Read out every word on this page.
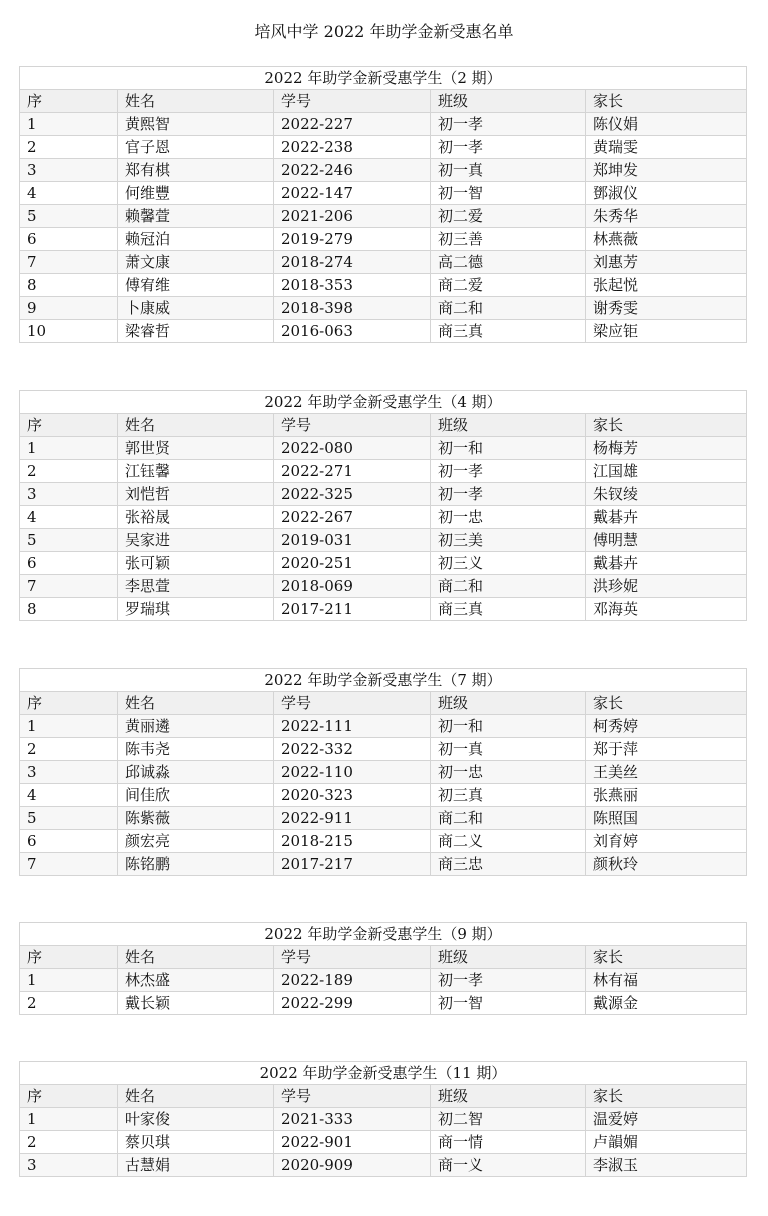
培风中学 2022 年助学金新受惠名单
2022 年助学金新受惠学生（2 期）				
序	姓名	学号	班级	家长
1	黄熙智	2022-227	初一孝	陈仪娟
2	官子恩	2022-238	初一孝	黄瑞雯
3	郑有棋	2022-246	初一真	郑坤发
4	何维豐	2022-147	初一智	鄧淑仪
5	赖馨萱	2021-206	初二爱	朱秀华
6	赖冠泊	2019-279	初三善	林燕薇
7	萧文康	2018-274	高二德	刘惠芳
8	傅宥维	2018-353	商二爱	张起悦
9	卜康威	2018-398	商二和	谢秀雯
10	梁睿哲	2016-063	商三真	梁应钜
2022 年助学金新受惠学生（4 期）				
序	姓名	学号	班级	家长
1	郭世贤	2022-080	初一和	杨梅芳
2	江钰馨	2022-271	初一孝	江国雄
3	刘恺哲	2022-325	初一孝	朱钗绫
4	张裕晟	2022-267	初一忠	戴碁卉
5	吴家进	2019-031	初三美	傅明慧
6	张可颖	2020-251	初三义	戴碁卉
7	李思萱	2018-069	商二和	洪珍妮
8	罗瑞琪	2017-211	商三真	邓海英
2022 年助学金新受惠学生（7 期）				
序	姓名	学号	班级	家长
1	黄丽遴	2022-111	初一和	柯秀婷
2	陈韦尧	2022-332	初一真	郑于萍
3	邱诚淼	2022-110	初一忠	王美丝
4	间佳欣	2020-323	初三真	张燕丽
5	陈紫薇	2022-911	商二和	陈照国
6	颜宏亮	2018-215	商二义	刘育婷
7	陈铭鹏	2017-217	商三忠	颜秋玲
2022 年助学金新受惠学生（9 期）				
序	姓名	学号	班级	家长
1	林杰盛	2022-189	初一孝	林有福
2	戴长颖	2022-299	初一智	戴源金
2022 年助学金新受惠学生（11 期）				
序	姓名	学号	班级	家长
1	叶家俊	2021-333	初二智	温爱婷
2	蔡贝琪	2022-901	商一情	卢韻媚
3	古慧娟	2020-909	商一义	李淑玉
